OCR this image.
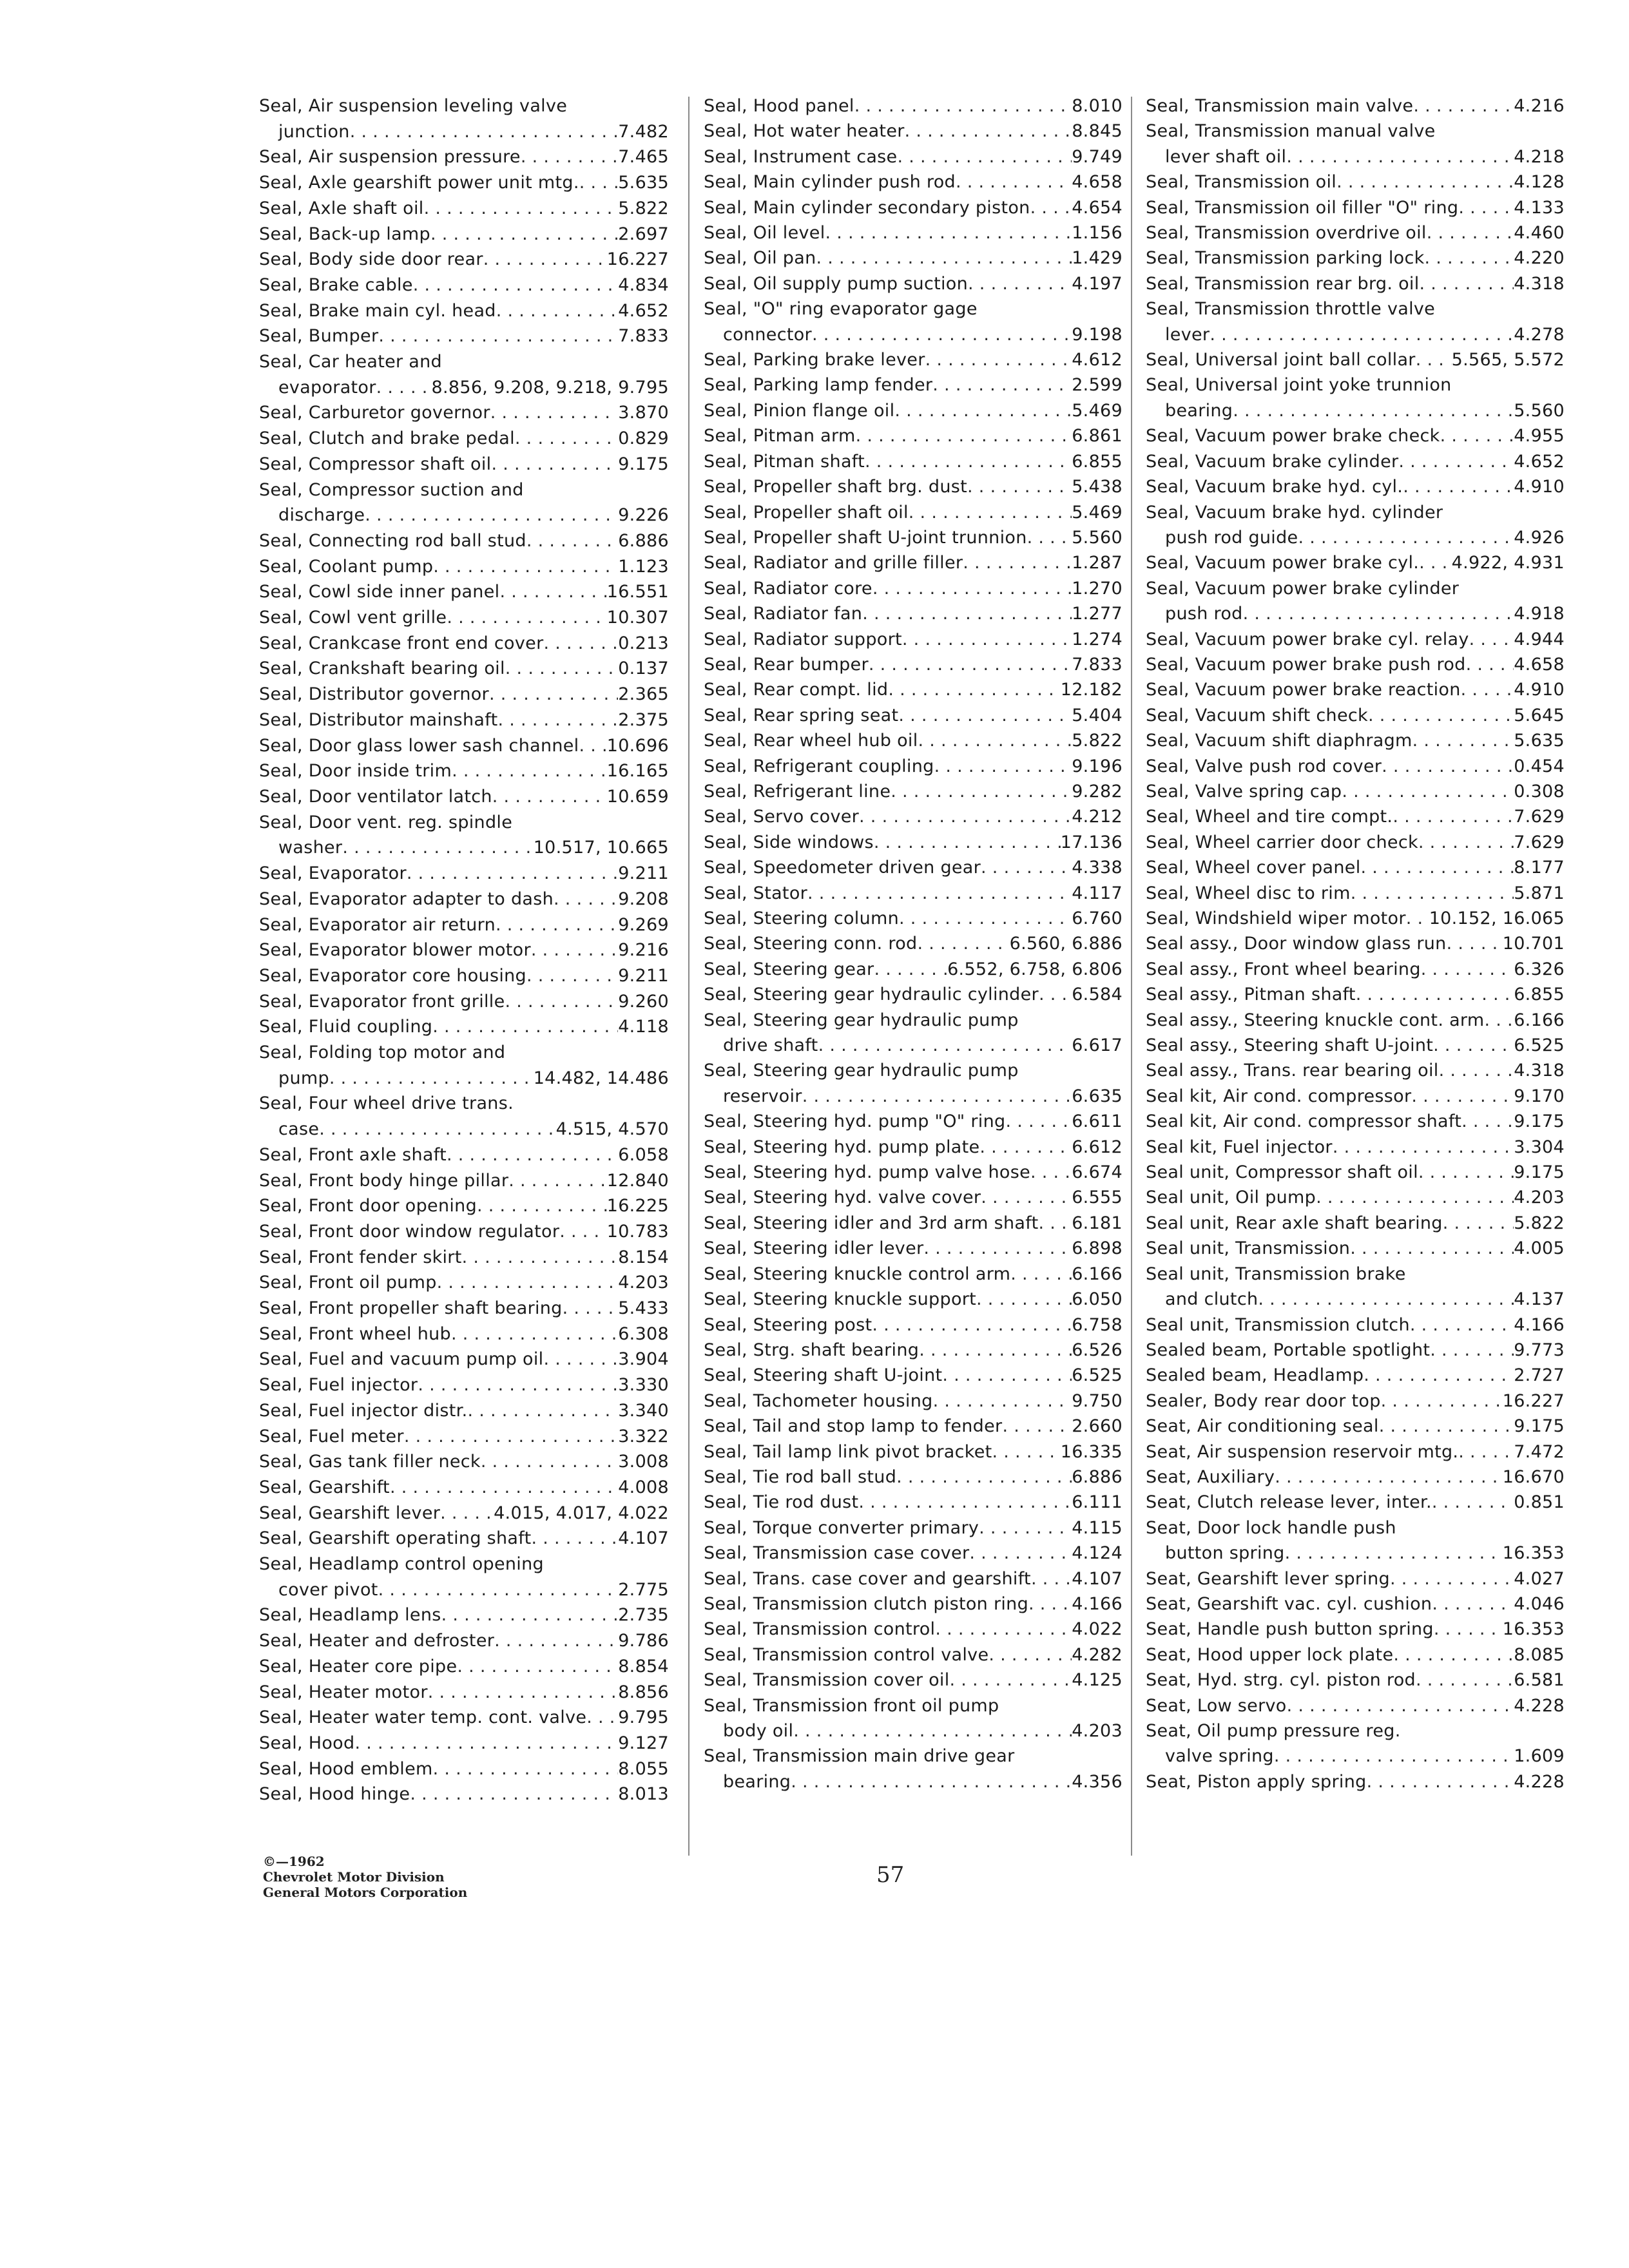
Seal, Air suspension leveling valve
junction . . .	7.482
Seal, Air suspension pressure . . .	7.465
Seal, Axle gearshift power unit mtg. . . . 5.635
Seal, Axle shaft oil . . .	5.822
Seal, Back-up lamp . . .	2.697
Seal, Body side door rear . . .	16.227
Seal, Brake cable . . .	4.834
Seal, Brake main cyl. head . . .	4.652
Seal, Bumper . . .	7.833
Seal, Car heater and
evaporator . . .	8.856, 9.208, 9.218, 9.795
Seal, Carburetor governor . . .	3.870
Seal, Clutch and brake pedal . . .	0.829
Seal, Compressor shaft oil . . .	9.175
Seal, Compressor suction and
discharge . . .	9.226
Seal, Connecting rod ball stud . . .	6.886
Seal, Coolant pump . . .	1.123
Seal, Cowl side inner panel . . .	16.551
Seal, Cowl vent grille . . .	10.307
Seal, Crankcase front end cover . . .	0.213
Seal, Crankshaft bearing oil . . .	0.137
Seal, Distributor governor . . .	2.365
Seal, Distributor mainshaft . . .	2.375
Seal, Door glass lower sash channel . . . 10.696
Seal, Door inside trim . . .	16.165
Seal, Door ventilator latch . . .	10.659
Seal, Door vent. reg. spindle
washer . . .	10.517, 10.665
Seal, Evaporator . . .	9.211
Seal, Evaporator adapter to dash . . .	9.208
Seal, Evaporator air return . . .	9.269
Seal, Evaporator blower motor . . .	9.216
Seal, Evaporator core housing . . .	9.211
Seal, Evaporator front grille . . .	9.260
Seal, Fluid coupling . . .	4.118
Seal, Folding top motor and
pump . . .	14.482, 14.486
Seal, Four wheel drive trans.
case . . .	4.515, 4.570
Seal, Front axle shaft . . .	6.058
Seal, Front body hinge pillar . . .	12.840
Seal, Front door opening . . .	16.225
Seal, Front door window regulator . . .	10.783
Seal, Front fender skirt . . .	8.154
Seal, Front oil pump . . .	4.203
Seal, Front propeller shaft bearing . . .	5.433
Seal, Front wheel hub . . .	6.308
Seal, Fuel and vacuum pump oil . . .	3.904
Seal, Fuel injector . . .	3.330
Seal, Fuel injector distr. . . .	3.340
Seal, Fuel meter . . .	3.322
Seal, Gas tank filler neck . . .	3.008
Seal, Gearshift . . .	4.008
Seal, Gearshift lever . . .	4.015, 4.017, 4.022
Seal, Gearshift operating shaft . . .	4.107
Seal, Headlamp control opening
cover pivot . . .	2.775
Seal, Headlamp lens . . .	2.735
Seal, Heater and defroster . . .	9.786
Seal, Heater core pipe . . .	8.854
Seal, Heater motor . . .	8.856
Seal, Heater water temp. cont. valve . . . 9.795
Seal, Hood . . .	9.127
Seal, Hood emblem . . .	8.055
Seal, Hood hinge . . .	8.013
Seal, Hood panel . . .	8.010
Seal, Hot water heater . . .	8.845
Seal, Instrument case . . .	9.749
Seal, Main cylinder push rod . . .	4.658
Seal, Main cylinder secondary piston . . . 4.654
Seal, Oil level . . .	1.156
Seal, Oil pan . . .	1.429
Seal, Oil supply pump suction . . .	4.197
Seal, "O" ring evaporator gage
connector . . .	9.198
Seal, Parking brake lever . . .	4.612
Seal, Parking lamp fender . . .	2.599
Seal, Pinion flange oil . . .	5.469
Seal, Pitman arm . . .	6.861
Seal, Pitman shaft . . .	6.855
Seal, Propeller shaft brg. dust . . .	5.438
Seal, Propeller shaft oil . . .	5.469
Seal, Propeller shaft U-joint trunnion . . .	5.560
Seal, Radiator and grille filler . . .	1.287
Seal, Radiator core . . .	1.270
Seal, Radiator fan . . .	1.277
Seal, Radiator support . . .	1.274
Seal, Rear bumper . . .	7.833
Seal, Rear compt. lid . . .	12.182
Seal, Rear spring seat . . .	5.404
Seal, Rear wheel hub oil . . .	5.822
Seal, Refrigerant coupling . . .	9.196
Seal, Refrigerant line . . .	9.282
Seal, Servo cover . . .	4.212
Seal, Side windows . . .	17.136
Seal, Speedometer driven gear . . .	4.338
Seal, Stator . . .	4.117
Seal, Steering column . . .	6.760
Seal, Steering conn. rod . . .	6.560, 6.886
Seal, Steering gear . . .	6.552, 6.758, 6.806
Seal, Steering gear hydraulic cylinder . . . 6.584
Seal, Steering gear hydraulic pump
drive shaft . . .	6.617
Seal, Steering gear hydraulic pump
reservoir . . .	6.635
Seal, Steering hyd. pump "O" ring . . .	6.611
Seal, Steering hyd. pump plate . . .	6.612
Seal, Steering hyd. pump valve hose . . . 6.674
Seal, Steering hyd. valve cover . . .	6.555
Seal, Steering idler and 3rd arm shaft . . . 6.181
Seal, Steering idler lever . . .	6.898
Seal, Steering knuckle control arm . . .	6.166
Seal, Steering knuckle support . . .	6.050
Seal, Steering post . . .	6.758
Seal, Strg. shaft bearing . . .	6.526
Seal, Steering shaft U-joint . . .	6.525
Seal, Tachometer housing . . .	9.750
Seal, Tail and stop lamp to fender . . .	2.660
Seal, Tail lamp link pivot bracket . . .	16.335
Seal, Tie rod ball stud . . .	6.886
Seal, Tie rod dust . . .	6.111
Seal, Torque converter primary . . .	4.115
Seal, Transmission case cover . . .	4.124
Seal, Trans. case cover and gearshift . . . 4.107
Seal, Transmission clutch piston ring . . . 4.166
Seal, Transmission control . . .	4.022
Seal, Transmission control valve . . .	4.282
Seal, Transmission cover oil . . .	4.125
Seal, Transmission front oil pump
body oil . . .	4.203
Seal, Transmission main drive gear
bearing . . .	4.356
Seal, Transmission main valve . . .	4.216
Seal, Transmission manual valve
lever shaft oil . . .	4.218
Seal, Transmission oil . . .	4.128
Seal, Transmission oil filler "O" ring . . .	4.133
Seal, Transmission overdrive oil . . .	4.460
Seal, Transmission parking lock . . .	4.220
Seal, Transmission rear brg. oil . . .	4.318
Seal, Transmission throttle valve
lever . . .	4.278
Seal, Universal joint ball collar . . . 5.565, 5.572
Seal, Universal joint yoke trunnion
bearing . . .	5.560
Seal, Vacuum power brake check . . .	4.955
Seal, Vacuum brake cylinder . . .	4.652
Seal, Vacuum brake hyd. cyl. . . .	4.910
Seal, Vacuum brake hyd. cylinder
push rod guide . . .	4.926
Seal, Vacuum power brake cyl. . . . 4.922, 4.931
Seal, Vacuum power brake cylinder
push rod . . .	4.918
Seal, Vacuum power brake cyl. relay . . .	4.944
Seal, Vacuum power brake push rod . . .	4.658
Seal, Vacuum power brake reaction . . .	4.910
Seal, Vacuum shift check . . .	5.645
Seal, Vacuum shift diaphragm . . .	5.635
Seal, Valve push rod cover . . .	0.454
Seal, Valve spring cap . . .	0.308
Seal, Wheel and tire compt. . . .	7.629
Seal, Wheel carrier door check . . .	7.629
Seal, Wheel cover panel . . .	8.177
Seal, Wheel disc to rim . . .	5.871
Seal, Windshield wiper motor . . . 10.152, 16.065
Seal assy., Door window glass run . . .	10.701
Seal assy., Front wheel bearing . . .	6.326
Seal assy., Pitman shaft . . .	6.855
Seal assy., Steering knuckle cont. arm . . . 6.166
Seal assy., Steering shaft U-joint . . .	6.525
Seal assy., Trans. rear bearing oil . . .	4.318
Seal kit, Air cond. compressor . . .	9.170
Seal kit, Air cond. compressor shaft . . .	9.175
Seal kit, Fuel injector . . .	3.304
Seal unit, Compressor shaft oil . . .	9.175
Seal unit, Oil pump . . .	4.203
Seal unit, Rear axle shaft bearing . . .	5.822
Seal unit, Transmission . . .	4.005
Seal unit, Transmission brake
and clutch . . .	4.137
Seal unit, Transmission clutch . . .	4.166
Sealed beam, Portable spotlight . . .	9.773
Sealed beam, Headlamp . . .	2.727
Sealer, Body rear door top . . .	16.227
Seat, Air conditioning seal . . .	9.175
Seat, Air suspension reservoir mtg. . . .	7.472
Seat, Auxiliary . . .	16.670
Seat, Clutch release lever, inter. . . .	0.851
Seat, Door lock handle push
button spring . . .	16.353
Seat, Gearshift lever spring . . .	4.027
Seat, Gearshift vac. cyl. cushion . . .	4.046
Seat, Handle push button spring . . .	16.353
Seat, Hood upper lock plate . . .	8.085
Seat, Hyd. strg. cyl. piston rod . . .	6.581
Seat, Low servo . . .	4.228
Seat, Oil pump pressure reg.
valve spring . . .	1.609
Seat, Piston apply spring . . .	4.228
©—1962
Chevrolet Motor Division
General Motors Corporation
57
